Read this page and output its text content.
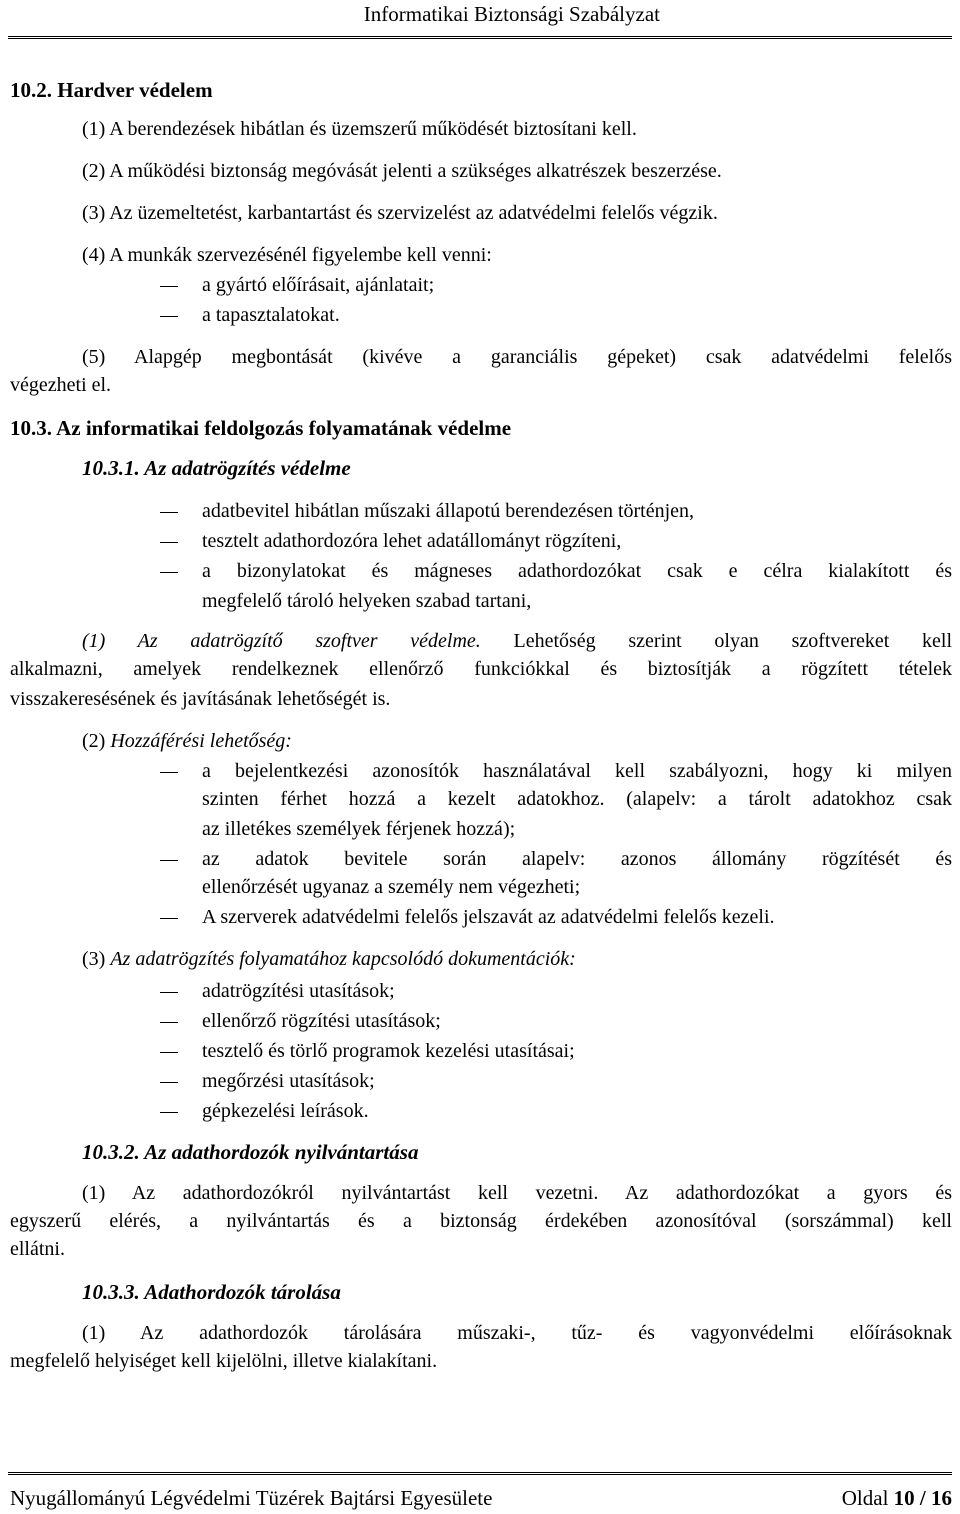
Informatikai Biztonsági Szabályzat
10.2. Hardver védelem
(1) A berendezések hibátlan és üzemszerű működését biztosítani kell.
(2) A működési biztonság megóvását jelenti a szükséges alkatrészek beszerzése.
(3) Az üzemeltetést, karbantartást és szervizelést az adatvédelmi felelős végzik.
(4) A munkák szervezésénél figyelembe kell venni:
a gyártó előírásait, ajánlatait;
a tapasztalatokat.
(5) Alapgép megbontását (kivéve a garanciális gépeket) csak adatvédelmi felelős
végezheti el.
10.3. Az informatikai feldolgozás folyamatának védelme
10.3.1. Az adatrögzítés védelme
adatbevitel hibátlan műszaki állapotú berendezésen történjen,
tesztelt adathordozóra lehet adatállományt rögzíteni,
a bizonylatokat és mágneses adathordozókat csak e célra kialakított és
megfelelő tároló helyeken szabad tartani,
(1) Az adatrögzítő szoftver védelme. Lehetőség szerint olyan szoftvereket kell
alkalmazni, amelyek rendelkeznek ellenőrző funkciókkal és biztosítják a rögzített tételek
visszakeresésének és javításának lehetőségét is.
(2) Hozzáférési lehetőség:
a bejelentkezési azonosítók használatával kell szabályozni, hogy ki milyen
szinten férhet hozzá a kezelt adatokhoz. (alapelv: a tárolt adatokhoz csak
az illetékes személyek férjenek hozzá);
az adatok bevitele során alapelv: azonos állomány rögzítését és
ellenőrzését ugyanaz a személy nem végezheti;
A szerverek adatvédelmi felelős jelszavát az adatvédelmi felelős kezeli.
(3) Az adatrögzítés folyamatához kapcsolódó dokumentációk:
adatrögzítési utasítások;
ellenőrző rögzítési utasítások;
tesztelő és törlő programok kezelési utasításai;
megőrzési utasítások;
gépkezelési leírások.
10.3.2. Az adathordozók nyilvántartása
(1) Az adathordozókról nyilvántartást kell vezetni. Az adathordozókat a gyors és
egyszerű elérés, a nyilvántartás és a biztonság érdekében azonosítóval (sorszámmal) kell
ellátni.
10.3.3. Adathordozók tárolása
(1) Az adathordozók tárolására műszaki-, tűz- és vagyonvédelmi előírásoknak
megfelelő helyiséget kell kijelölni, illetve kialakítani.
Nyugállományú Légvédelmi Tüzérek Bajtársi Egyesülete	Oldal 10 / 16
